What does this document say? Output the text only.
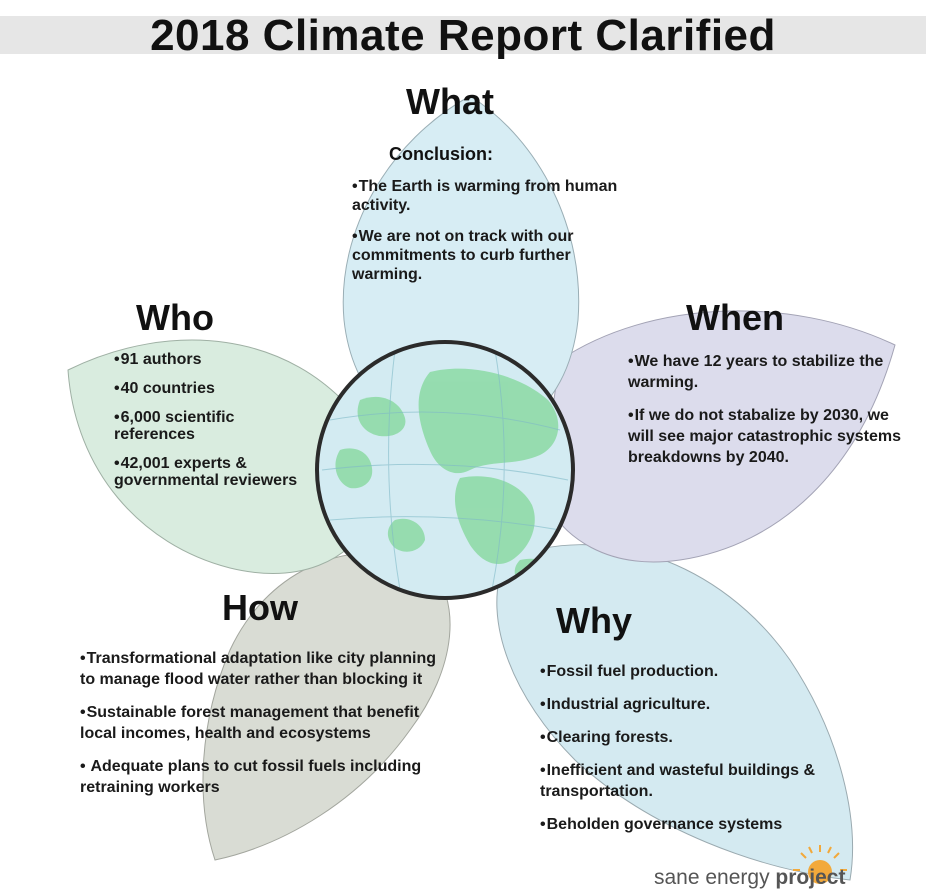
2018 Climate Report Clarified
What
Conclusion:
•The Earth is warming from human activity.
•We are not on track with our commitments to curb further warming.
Who
•91 authors
•40 countries
•6,000 scientific references
•42,001 experts & governmental reviewers
When
•We have 12 years to stabilize the warming.
•If we do not stabalize by 2030, we will see major catastrophic systems breakdowns by 2040.
How
•Transformational adaptation like city planning to manage flood water rather than blocking it
•Sustainable forest management that benefit local incomes, health and ecosystems
• Adequate plans to cut fossil fuels including retraining workers
Why
•Fossil fuel production.
•Industrial agriculture.
•Clearing forests.
•Inefficient and wasteful buildings & transportation.
•Beholden governance systems
sane energy project
